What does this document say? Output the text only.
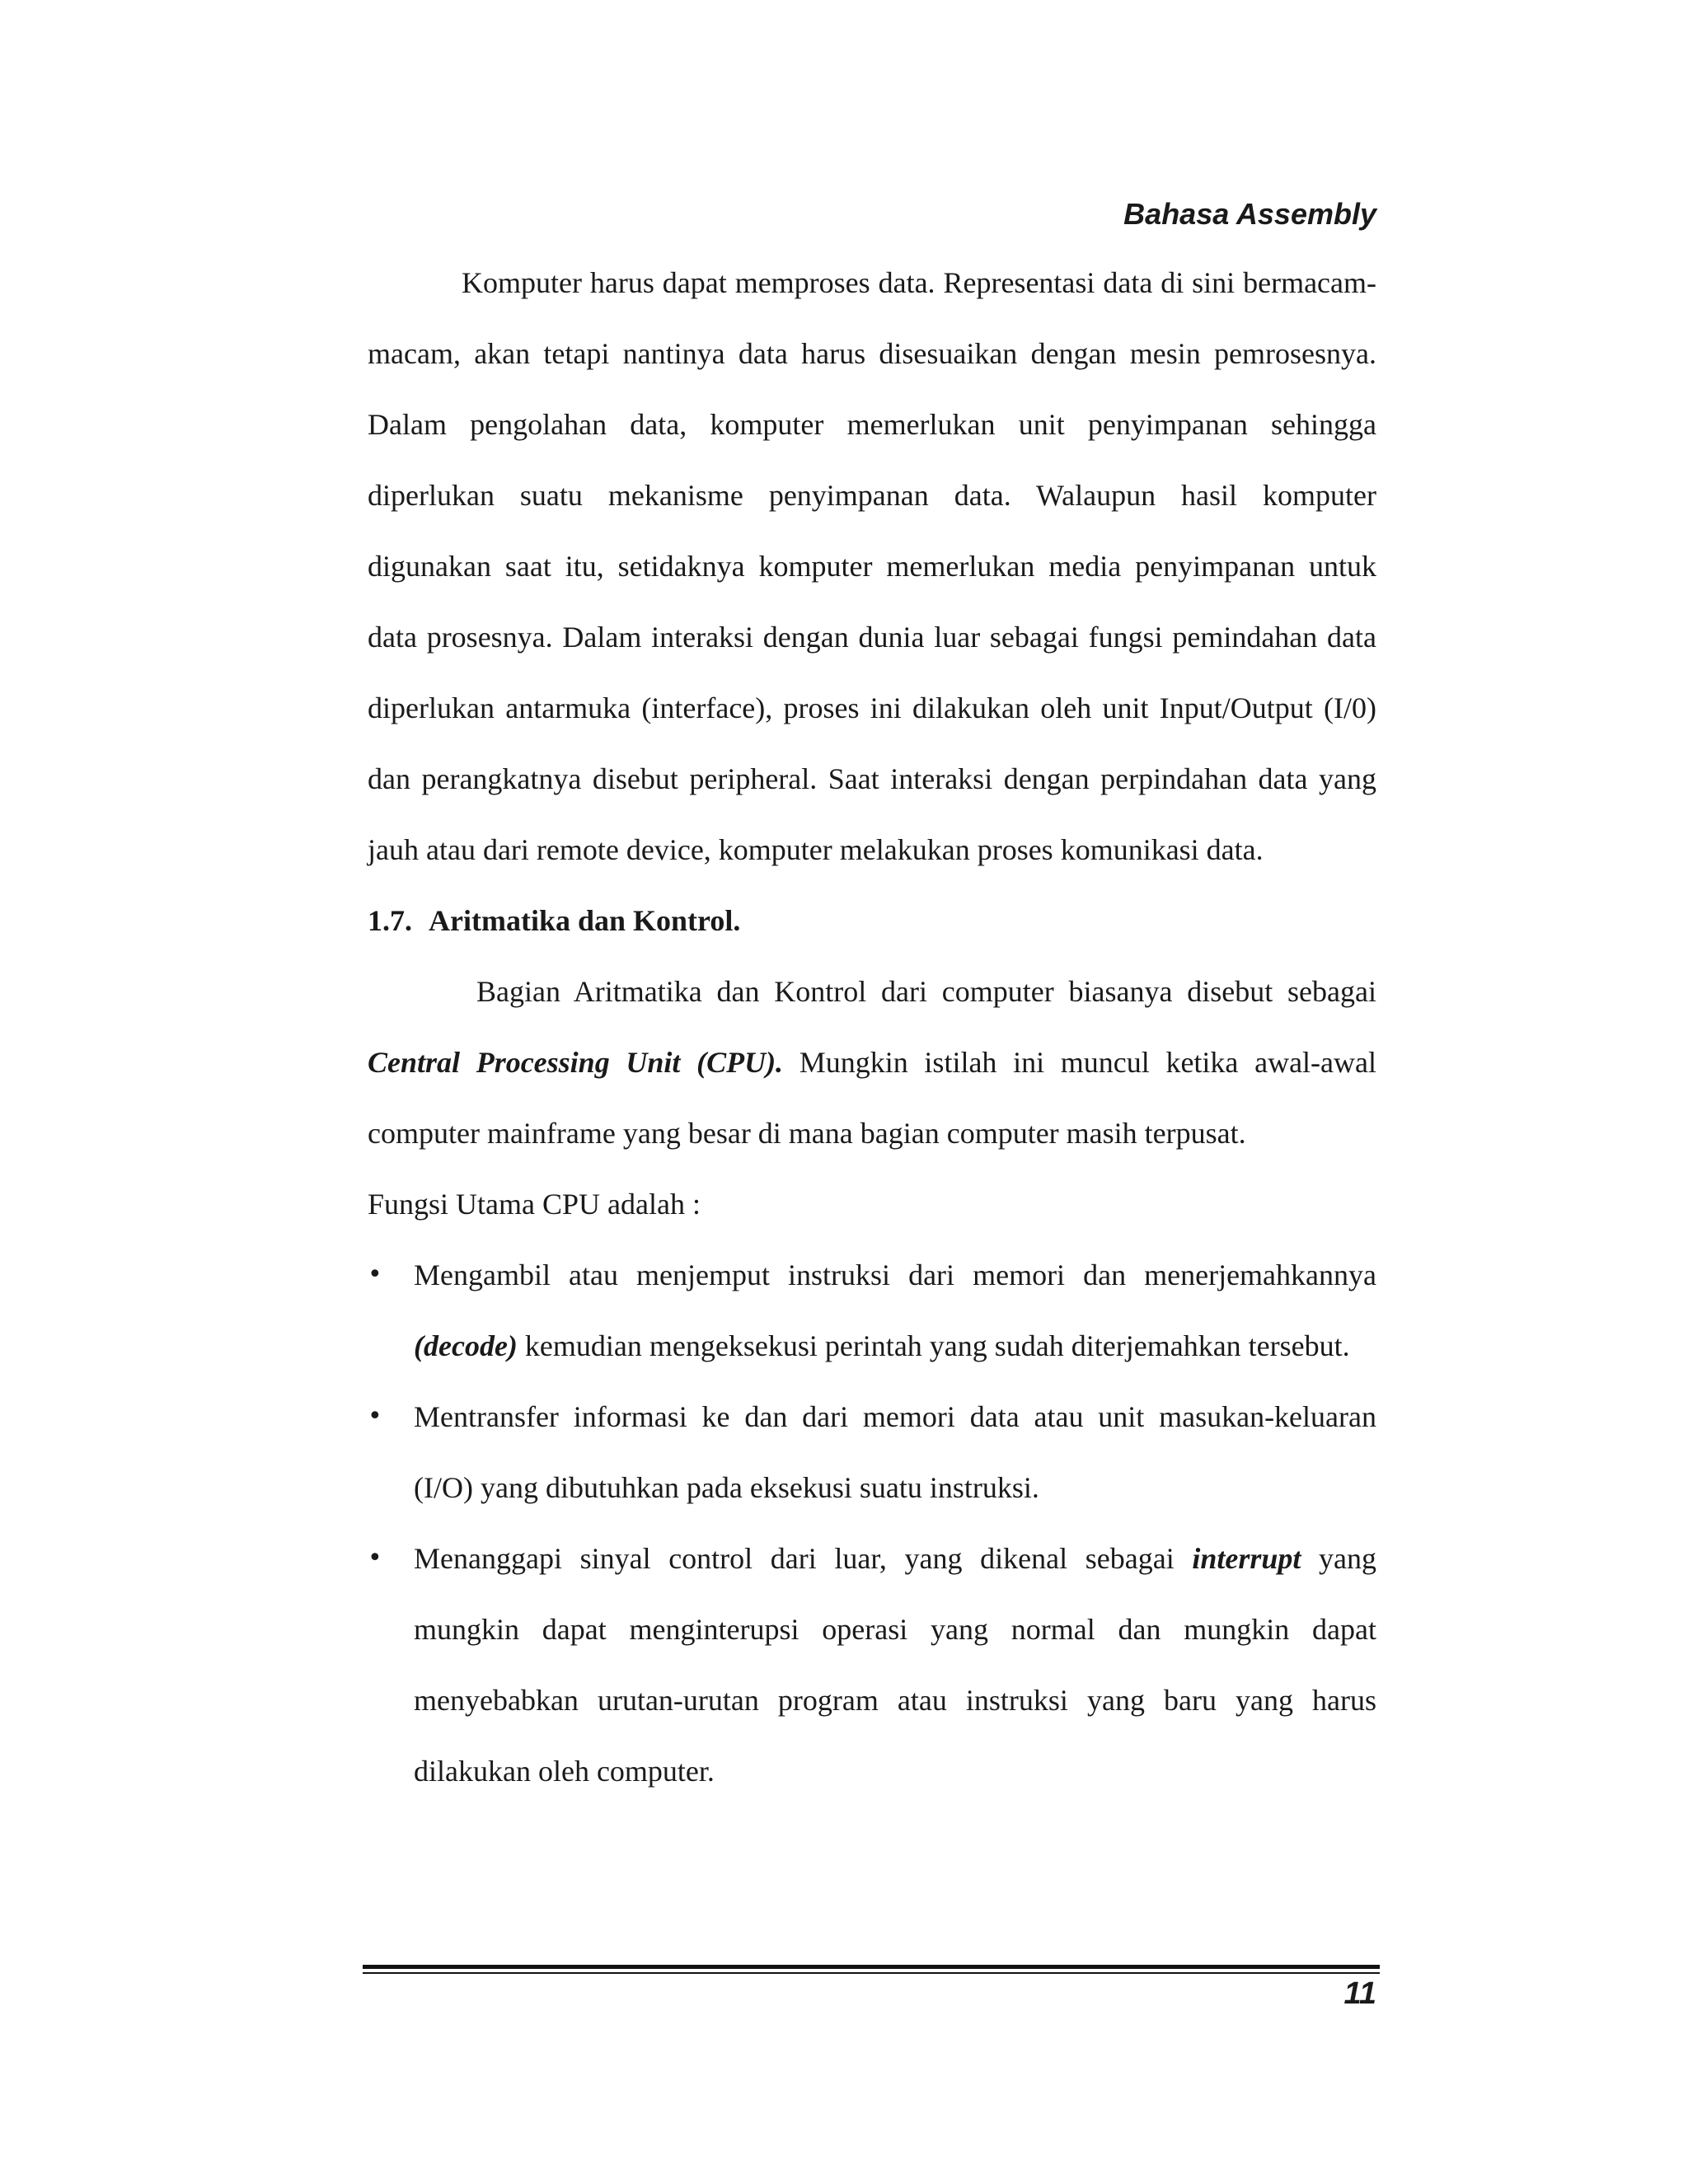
Bahasa Assembly

Komputer harus dapat memproses data. Representasi data di sini bermacam-macam, akan tetapi nantinya data harus disesuaikan dengan mesin pemrosesnya. Dalam pengolahan data, komputer memerlukan unit penyimpanan sehingga diperlukan suatu mekanisme penyimpanan data. Walaupun hasil komputer digunakan saat itu, setidaknya komputer memerlukan media penyimpanan untuk data prosesnya. Dalam interaksi dengan dunia luar sebagai fungsi pemindahan data diperlukan antarmuka (interface), proses ini dilakukan oleh unit Input/Output (I/0) dan perangkatnya disebut peripheral. Saat interaksi dengan perpindahan data yang jauh atau dari remote device, komputer melakukan proses komunikasi data.

1.7. Aritmatika dan Kontrol.

Bagian Aritmatika dan Kontrol dari computer biasanya disebut sebagai Central Processing Unit (CPU). Mungkin istilah ini muncul ketika awal-awal computer mainframe yang besar di mana bagian computer masih terpusat.

Fungsi Utama CPU adalah :

•	Mengambil atau menjemput instruksi dari memori dan menerjemahkannya (decode) kemudian mengeksekusi perintah yang sudah diterjemahkan tersebut.
•	Mentransfer informasi ke dan dari memori data atau unit masukan-keluaran (I/O) yang dibutuhkan pada eksekusi suatu instruksi.
•	Menanggapi sinyal control dari luar, yang dikenal sebagai interrupt yang mungkin dapat menginterupsi operasi yang normal dan mungkin dapat menyebabkan urutan-urutan program atau instruksi yang baru yang harus dilakukan oleh computer.
11
